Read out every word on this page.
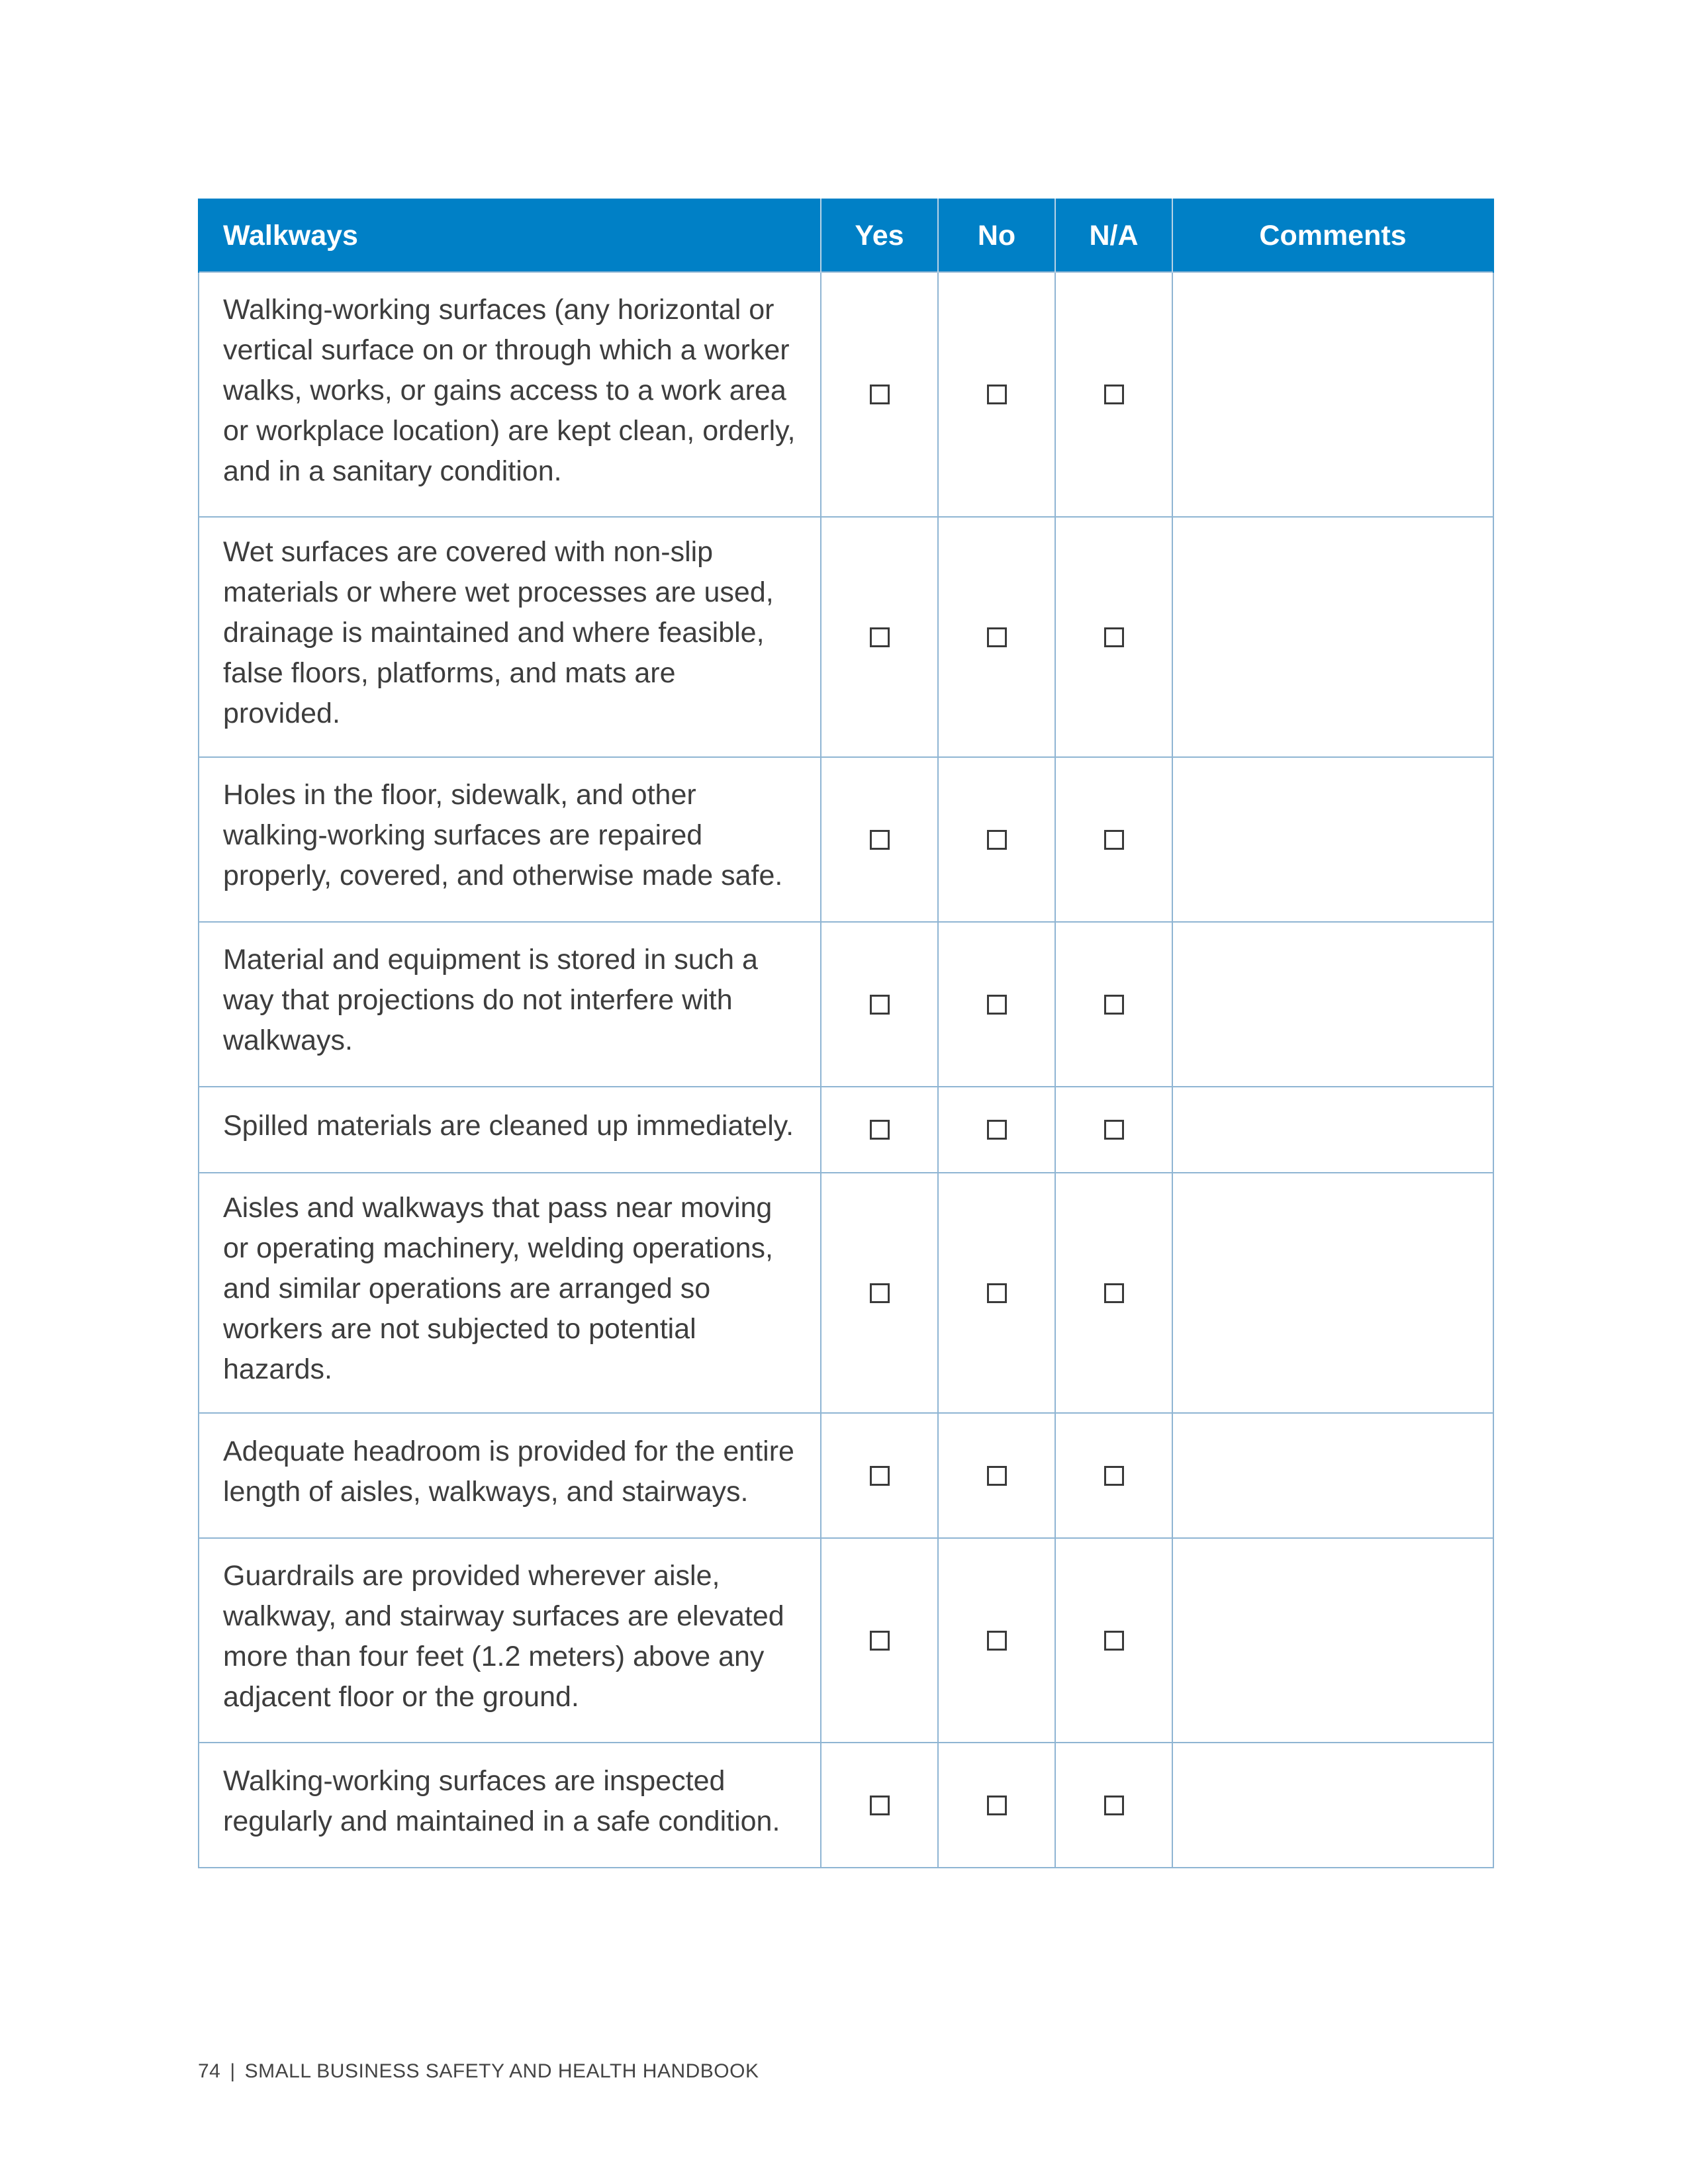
Walkways	Yes	No	N/A	Comments
Walking-working surfaces (any horizontal or vertical surface on or through which a worker walks, works, or gains access to a work area or workplace location) are kept clean, orderly, and in a sanitary condition.				
Wet surfaces are covered with non-slip materials or where wet processes are used, drainage is maintained and where feasible, false floors, platforms, and mats are provided.				
Holes in the floor, sidewalk, and other walking-working surfaces are repaired properly, covered, and otherwise made safe.				
Material and equipment is stored in such a way that projections do not interfere with walkways.				
Spilled materials are cleaned up immediately.				
Aisles and walkways that pass near moving or operating machinery, welding operations, and similar operations are arranged so workers are not subjected to potential hazards.				
Adequate headroom is provided for the entire length of aisles, walkways, and stairways.				
Guardrails are provided wherever aisle, walkway, and stairway surfaces are elevated more than four feet (1.2 meters) above any adjacent floor or the ground.				
Walking-working surfaces are inspected regularly and maintained in a safe condition.				
74 | SMALL BUSINESS SAFETY AND HEALTH HANDBOOK
